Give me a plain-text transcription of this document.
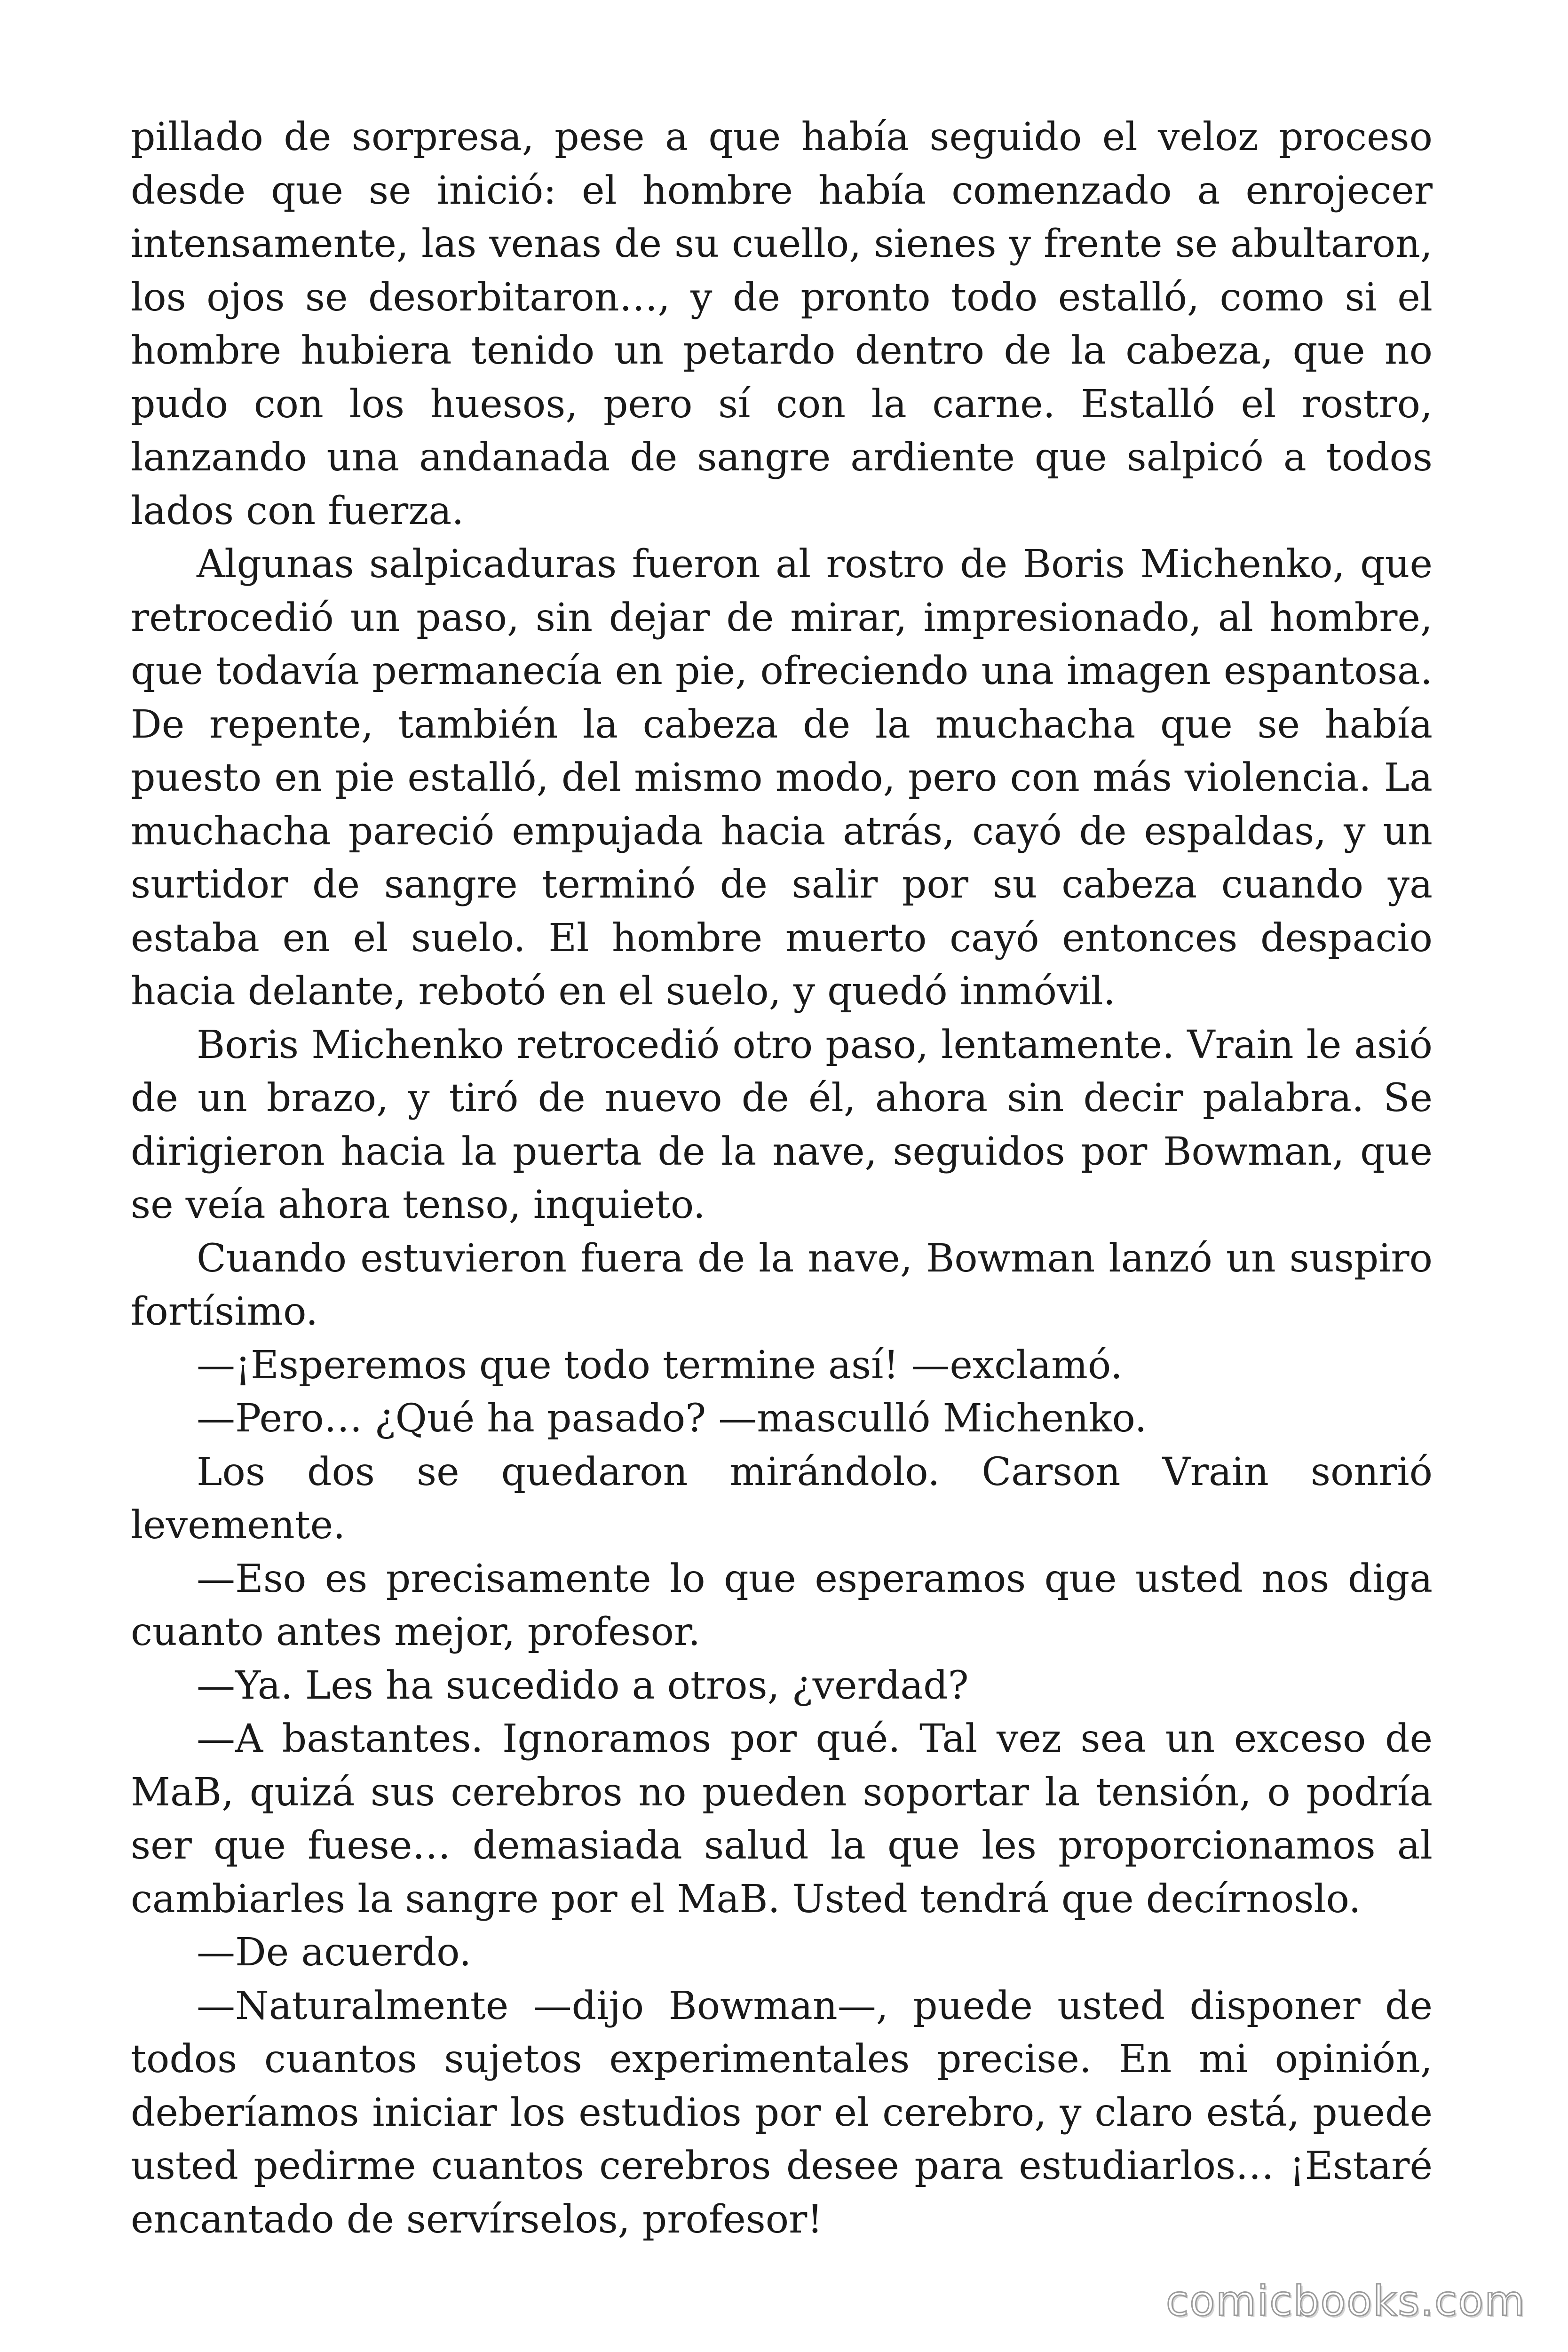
pillado de sorpresa, pese a que había seguido el veloz proceso desde que se inició: el hombre había comenzado a enrojecer intensamente, las venas de su cuello, sienes y frente se abultaron, los ojos se desorbitaron…, y de pronto todo estalló, como si el hombre hubiera tenido un petardo dentro de la cabeza, que no pudo con los huesos, pero sí con la carne. Estalló el rostro, lanzando una andanada de sangre ardiente que salpicó a todos lados con fuerza.

Algunas salpicaduras fueron al rostro de Boris Michenko, que retrocedió un paso, sin dejar de mirar, impresionado, al hombre, que todavía permanecía en pie, ofreciendo una imagen espantosa. De repente, también la cabeza de la muchacha que se había puesto en pie estalló, del mismo modo, pero con más violencia. La muchacha pareció empujada hacia atrás, cayó de espaldas, y un surtidor de sangre terminó de salir por su cabeza cuando ya estaba en el suelo. El hombre muerto cayó entonces despacio hacia delante, rebotó en el suelo, y quedó inmóvil.

Boris Michenko retrocedió otro paso, lentamente. Vrain le asió de un brazo, y tiró de nuevo de él, ahora sin decir palabra. Se dirigieron hacia la puerta de la nave, seguidos por Bowman, que se veía ahora tenso, inquieto.

Cuando estuvieron fuera de la nave, Bowman lanzó un suspiro fortísimo.

—¡Esperemos que todo termine así! —exclamó.

—Pero… ¿Qué ha pasado? —masculló Michenko.

Los dos se quedaron mirándolo. Carson Vrain sonrió levemente.

—Eso es precisamente lo que esperamos que usted nos diga cuanto antes mejor, profesor.

—Ya. Les ha sucedido a otros, ¿verdad?

—A bastantes. Ignoramos por qué. Tal vez sea un exceso de MaB, quizá sus cerebros no pueden soportar la tensión, o podría ser que fuese… demasiada salud la que les proporcionamos al cambiarles la sangre por el MaB. Usted tendrá que decírnoslo.

—De acuerdo.

—Naturalmente —dijo Bowman—, puede usted disponer de todos cuantos sujetos experimentales precise. En mi opinión, deberíamos iniciar los estudios por el cerebro, y claro está, puede usted pedirme cuantos cerebros desee para estudiarlos… ¡Estaré encantado de servírselos, profesor!

comicbooks.com
